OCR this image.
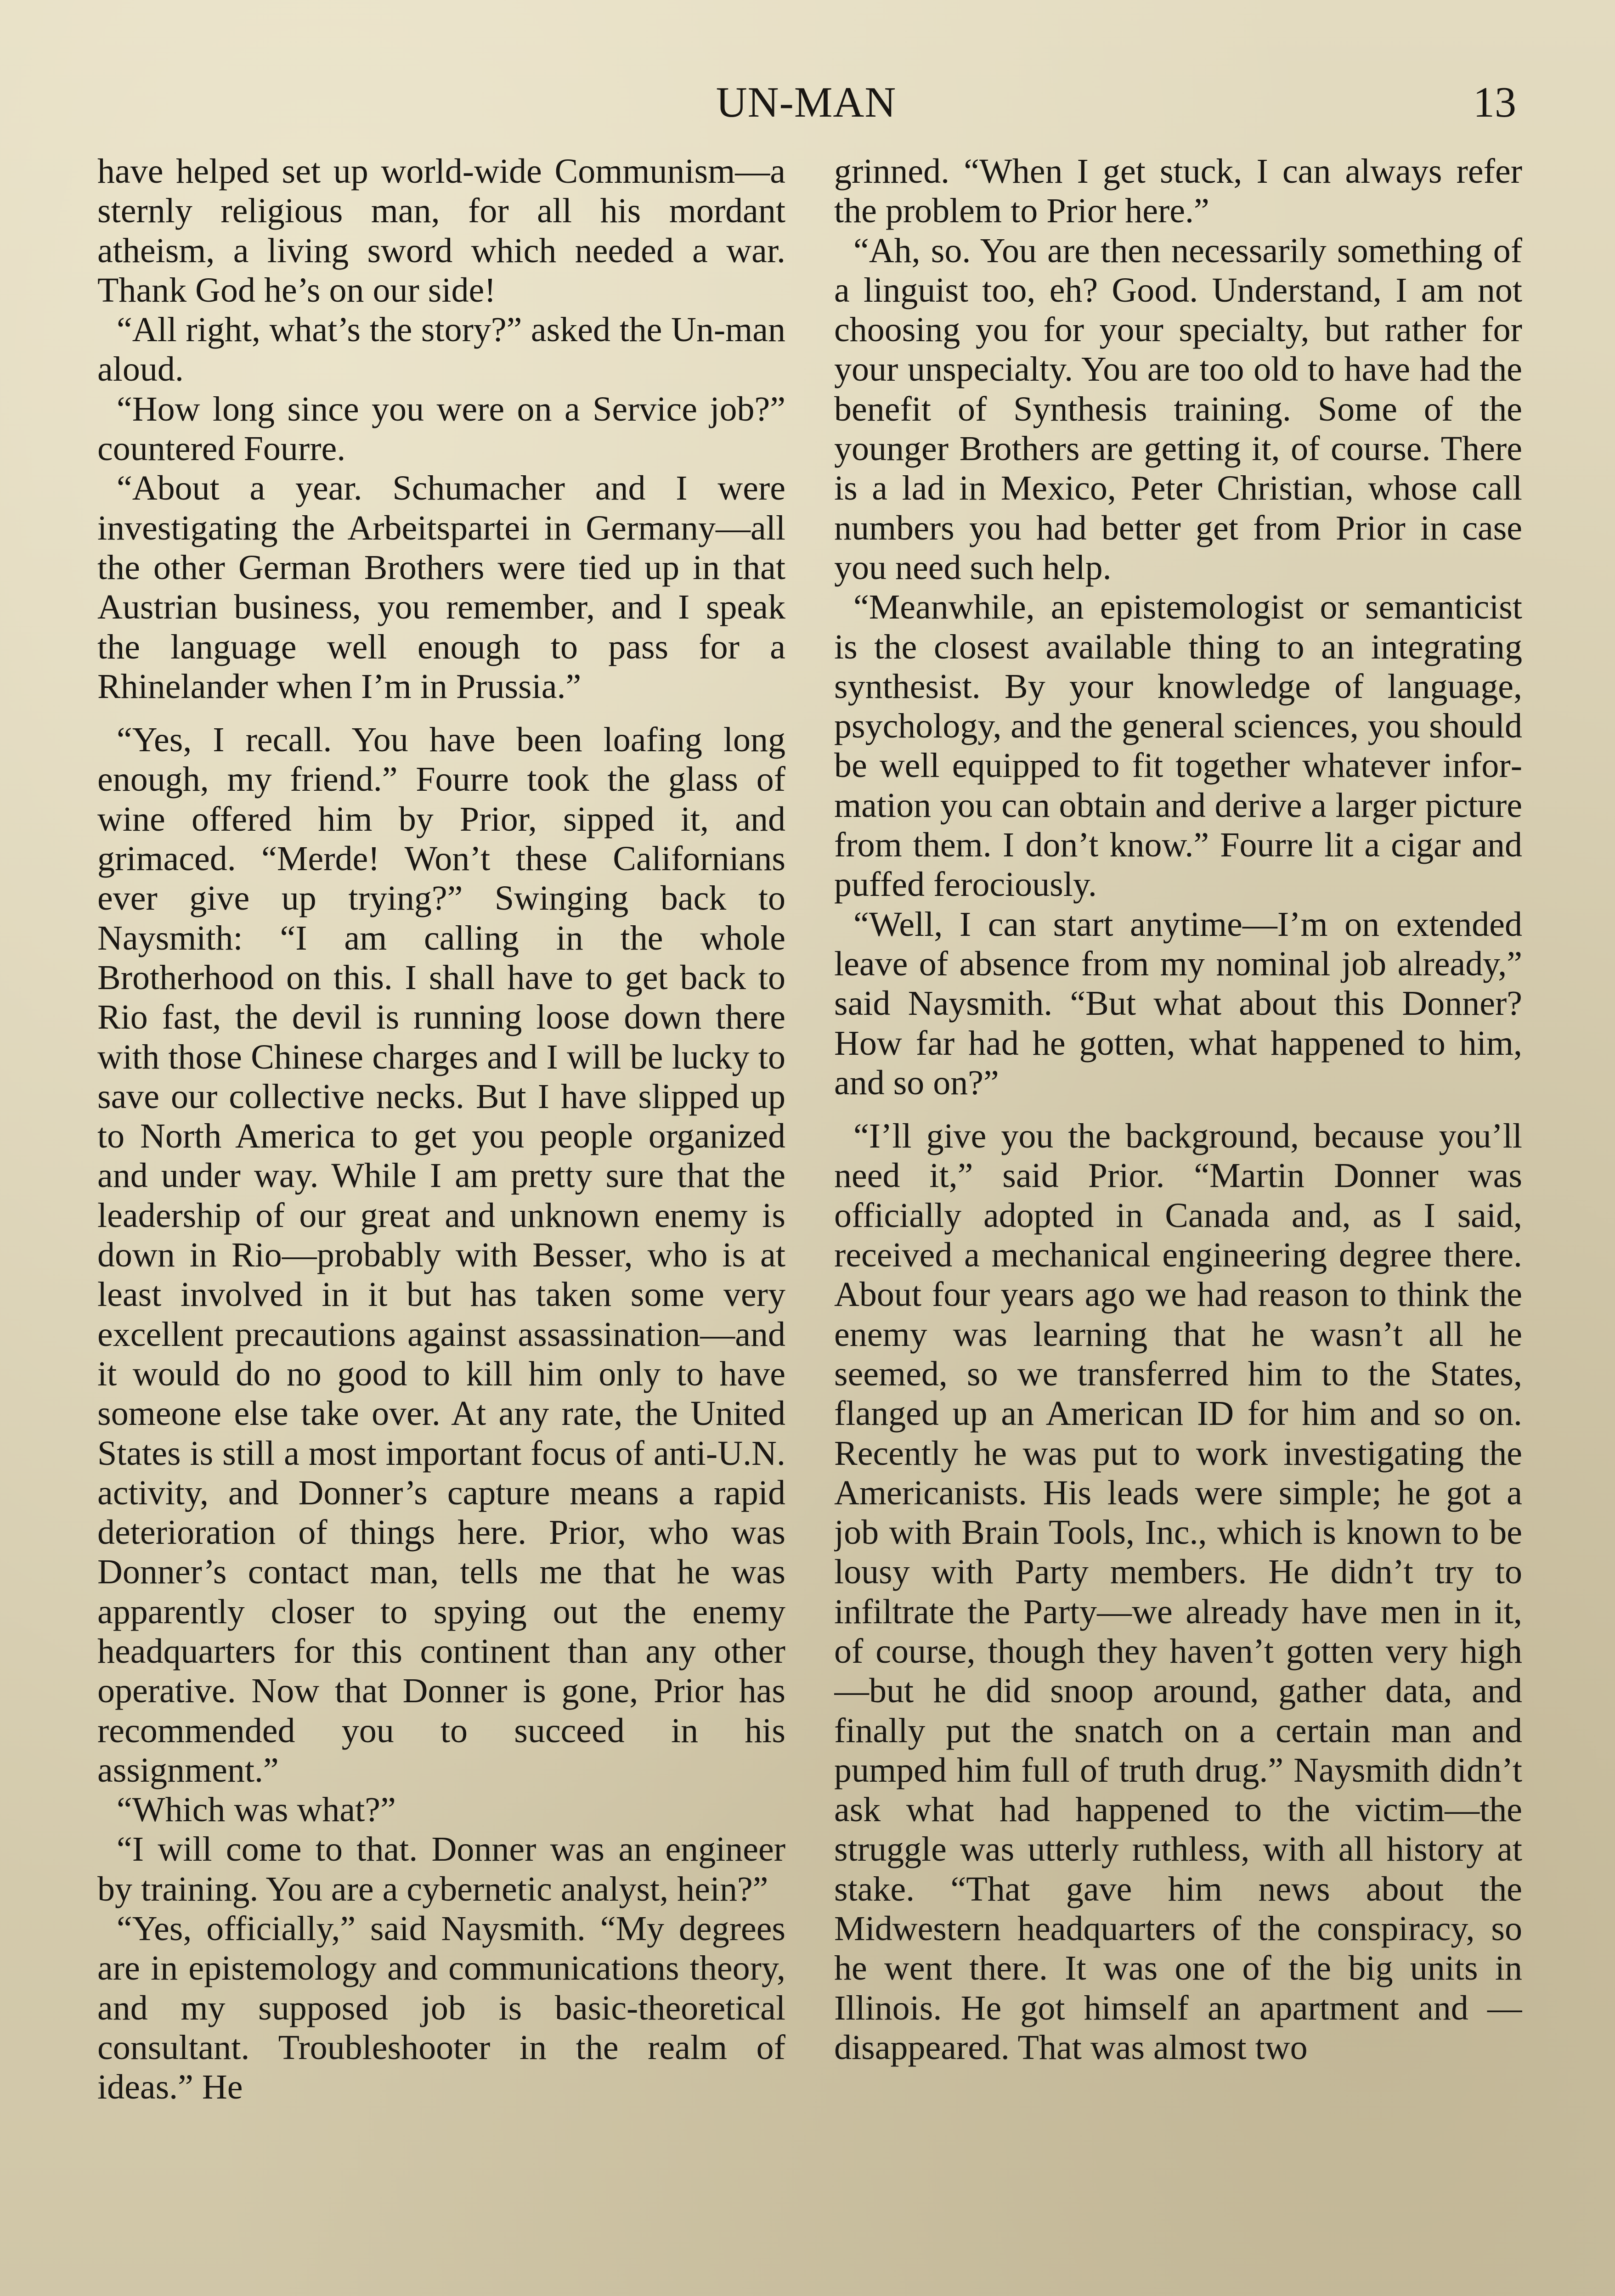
UN-MAN	13

have helped set up world-wide Communism—a sternly religious man, for all his mordant atheism, a living sword which needed a war. Thank God he’s on our side!

“All right, what’s the story?” asked the Un-man aloud.

“How long since you were on a Service job?” countered Fourre.

“About a year. Schumacher and I were investigating the Arbeitspartei in Germany—all the other German Brothers were tied up in that Austrian business, you remember, and I speak the language well enough to pass for a Rhinelander when I’m in Prussia.”

“Yes, I recall. You have been loafing long enough, my friend.” Fourre took the glass of wine offered him by Prior, sipped it, and grimaced. “Merde! Won’t these Californians ever give up trying?” Swinging back to Naysmith: “I am calling in the whole Brotherhood on this. I shall have to get back to Rio fast, the devil is running loose down there with those Chinese charges and I will be lucky to save our collective necks. But I have slipped up to North America to get you people organized and under way. While I am pretty sure that the leadership of our great and unknown enemy is down in Rio—probably with Besser, who is at least involved in it but has taken some very excellent precautions against assassination—and it would do no good to kill him only to have someone else take over. At any rate, the United States is still a most important focus of anti-U.N. activity, and Donner’s capture means a rapid deterioration of things here. Prior, who was Donner’s contact man, tells me that he was apparently closer to spying out the enemy headquarters for this continent than any other operative. Now that Donner is gone, Prior has recommended you to succeed in his assignment.”

“Which was what?”

“I will come to that. Donner was an engineer by training. You are a cybernetic analyst, hein?”

“Yes, officially,” said Naysmith. “My degrees are in epistemology and communications theory, and my supposed job is basic-theoretical consultant. Troubleshooter in the realm of ideas.” He

grinned. “When I get stuck, I can always refer the problem to Prior here.”

“Ah, so. You are then necessarily something of a linguist too, eh? Good. Understand, I am not choosing you for your specialty, but rather for your unspecialty. You are too old to have had the benefit of Synthesis training. Some of the younger Brothers are getting it, of course. There is a lad in Mexico, Peter Christian, whose call numbers you had better get from Prior in case you need such help.

“Meanwhile, an epistemologist or semanticist is the closest available thing to an integrating synthesist. By your knowledge of language, psychology, and the general sciences, you should be well equipped to fit together whatever information you can obtain and derive a larger picture from them. I don’t know.” Fourre lit a cigar and puffed ferociously.

“Well, I can start anytime—I’m on extended leave of absence from my nominal job already,” said Naysmith. “But what about this Donner? How far had he gotten, what happened to him, and so on?”

“I’ll give you the background, because you’ll need it,” said Prior. “Martin Donner was officially adopted in Canada and, as I said, received a mechanical engineering degree there. About four years ago we had reason to think the enemy was learning that he wasn’t all he seemed, so we transferred him to the States, flanged up an American ID for him and so on. Recently he was put to work investigating the Americanists. His leads were simple; he got a job with Brain Tools, Inc., which is known to be lousy with Party members. He didn’t try to infiltrate the Party—we already have men in it, of course, though they haven’t gotten very high—but he did snoop around, gather data, and finally put the snatch on a certain man and pumped him full of truth drug.” Naysmith didn’t ask what had happened to the victim—the struggle was utterly ruthless, with all history at stake. “That gave him news about the Midwestern headquarters of the conspiracy, so he went there. It was one of the big units in Illinois. He got himself an apartment and —disappeared. That was almost two
